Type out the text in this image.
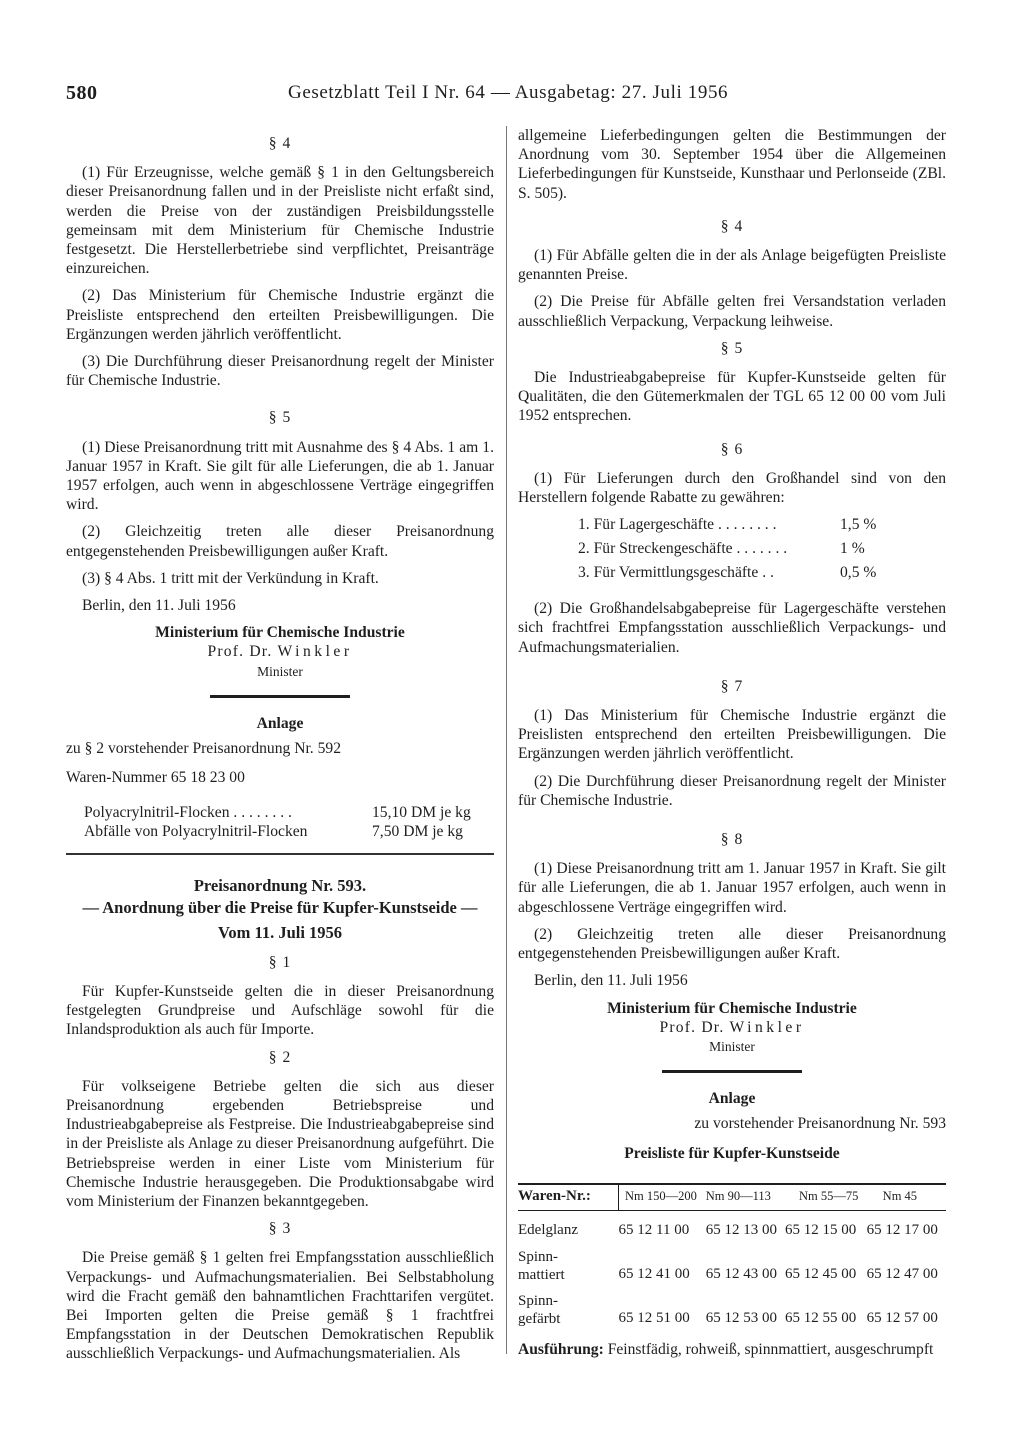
580	Gesetzblatt Teil I Nr. 64 — Ausgabetag: 27. Juli 1956
§ 4

(1) Für Erzeugnisse, welche gemäß § 1 in den Geltungsbereich dieser Preisanordnung fallen und in der Preisliste nicht erfaßt sind, werden die Preise von der zuständigen Preisbildungsstelle gemeinsam mit dem Ministerium für Chemische Industrie festgesetzt. Die Herstellerbetriebe sind verpflichtet, Preisanträge einzureichen.

(2) Das Ministerium für Chemische Industrie ergänzt die Preisliste entsprechend den erteilten Preisbewilligungen. Die Ergänzungen werden jährlich veröffentlicht.

(3) Die Durchführung dieser Preisanordnung regelt der Minister für Chemische Industrie.

§ 5

(1) Diese Preisanordnung tritt mit Ausnahme des § 4 Abs. 1 am 1. Januar 1957 in Kraft. Sie gilt für alle Lieferungen, die ab 1. Januar 1957 erfolgen, auch wenn in abgeschlossene Verträge eingegriffen wird.

(2) Gleichzeitig treten alle dieser Preisanordnung entgegenstehenden Preisbewilligungen außer Kraft.

(3) § 4 Abs. 1 tritt mit der Verkündung in Kraft.

Berlin, den 11. Juli 1956
Ministerium für Chemische Industrie
Prof. Dr. Winkler
Minister
Anlage
zu § 2 vorstehender Preisanordnung Nr. 592
Waren-Nummer 65 18 23 00
Polyacrylnitril-Flocken . . . . . . . .	15,10 DM je kg
Abfälle von Polyacrylnitril-Flocken	7,50 DM je kg
Preisanordnung Nr. 593.
— Anordnung über die Preise für Kupfer-Kunstseide —
Vom 11. Juli 1956
§ 1

Für Kupfer-Kunstseide gelten die in dieser Preisanordnung festgelegten Grundpreise und Aufschläge sowohl für die Inlandsproduktion als auch für Importe.

§ 2

Für volkseigene Betriebe gelten die sich aus dieser Preisanordnung ergebenden Betriebspreise und Industrieabgabepreise als Festpreise. Die Industrieabgabepreise sind in der Preisliste als Anlage zu dieser Preisanordnung aufgeführt. Die Betriebspreise werden in einer Liste vom Ministerium für Chemische Industrie herausgegeben. Die Produktionsabgabe wird vom Ministerium der Finanzen bekanntgegeben.

§ 3

Die Preise gemäß § 1 gelten frei Empfangsstation ausschließlich Verpackungs- und Aufmachungsmaterialien. Bei Selbstabholung wird die Fracht gemäß den bahnamtlichen Frachttarifen vergütet. Bei Importen gelten die Preise gemäß § 1 frachtfrei Empfangsstation in der Deutschen Demokratischen Republik ausschließlich Verpackungs- und Aufmachungsmaterialien. Als

allgemeine Lieferbedingungen gelten die Bestimmungen der Anordnung vom 30. September 1954 über die Allgemeinen Lieferbedingungen für Kunstseide, Kunsthaar und Perlonseide (ZBl. S. 505).

§ 4

(1) Für Abfälle gelten die in der als Anlage beigefügten Preisliste genannten Preise.

(2) Die Preise für Abfälle gelten frei Versandstation verladen ausschließlich Verpackung, Verpackung leihweise.

§ 5

Die Industrieabgabepreise für Kupfer-Kunstseide gelten für Qualitäten, die den Gütemerkmalen der TGL 65 12 00 00 vom Juli 1952 entsprechen.

§ 6

(1) Für Lieferungen durch den Großhandel sind von den Herstellern folgende Rabatte zu gewähren:

1. Für Lagergeschäfte . . . . . . . .	1,5 %
2. Für Streckengeschäfte . . . . . . .	1 %
3. Für Vermittlungsgeschäfte . .	0,5 %

(2) Die Großhandelsabgabepreise für Lagergeschäfte verstehen sich frachtfrei Empfangsstation ausschließlich Verpackungs- und Aufmachungsmaterialien.

§ 7

(1) Das Ministerium für Chemische Industrie ergänzt die Preislisten entsprechend den erteilten Preisbewilligungen. Die Ergänzungen werden jährlich veröffentlicht.

(2) Die Durchführung dieser Preisanordnung regelt der Minister für Chemische Industrie.

§ 8

(1) Diese Preisanordnung tritt am 1. Januar 1957 in Kraft. Sie gilt für alle Lieferungen, die ab 1. Januar 1957 erfolgen, auch wenn in abgeschlossene Verträge eingegriffen wird.

(2) Gleichzeitig treten alle dieser Preisanordnung entgegenstehenden Preisbewilligungen außer Kraft.

Berlin, den 11. Juli 1956
Ministerium für Chemische Industrie
Prof. Dr. Winkler
Minister
Anlage
zu vorstehender Preisanordnung Nr. 593
Preisliste für Kupfer-Kunstseide
Waren-Nr.:	Nm 150—200	Nm 90—113	Nm 55—75	Nm 45

Edelglanz	65 12 11 00	65 12 13 00	65 12 15 00	65 12 17 00
Spinn-
mattiert	65 12 41 00	65 12 43 00	65 12 45 00	65 12 47 00
Spinn-
gefärbt	65 12 51 00	65 12 53 00	65 12 55 00	65 12 57 00
Ausführung: Feinstfädig, rohweiß, spinnmattiert, ausgeschrumpft
